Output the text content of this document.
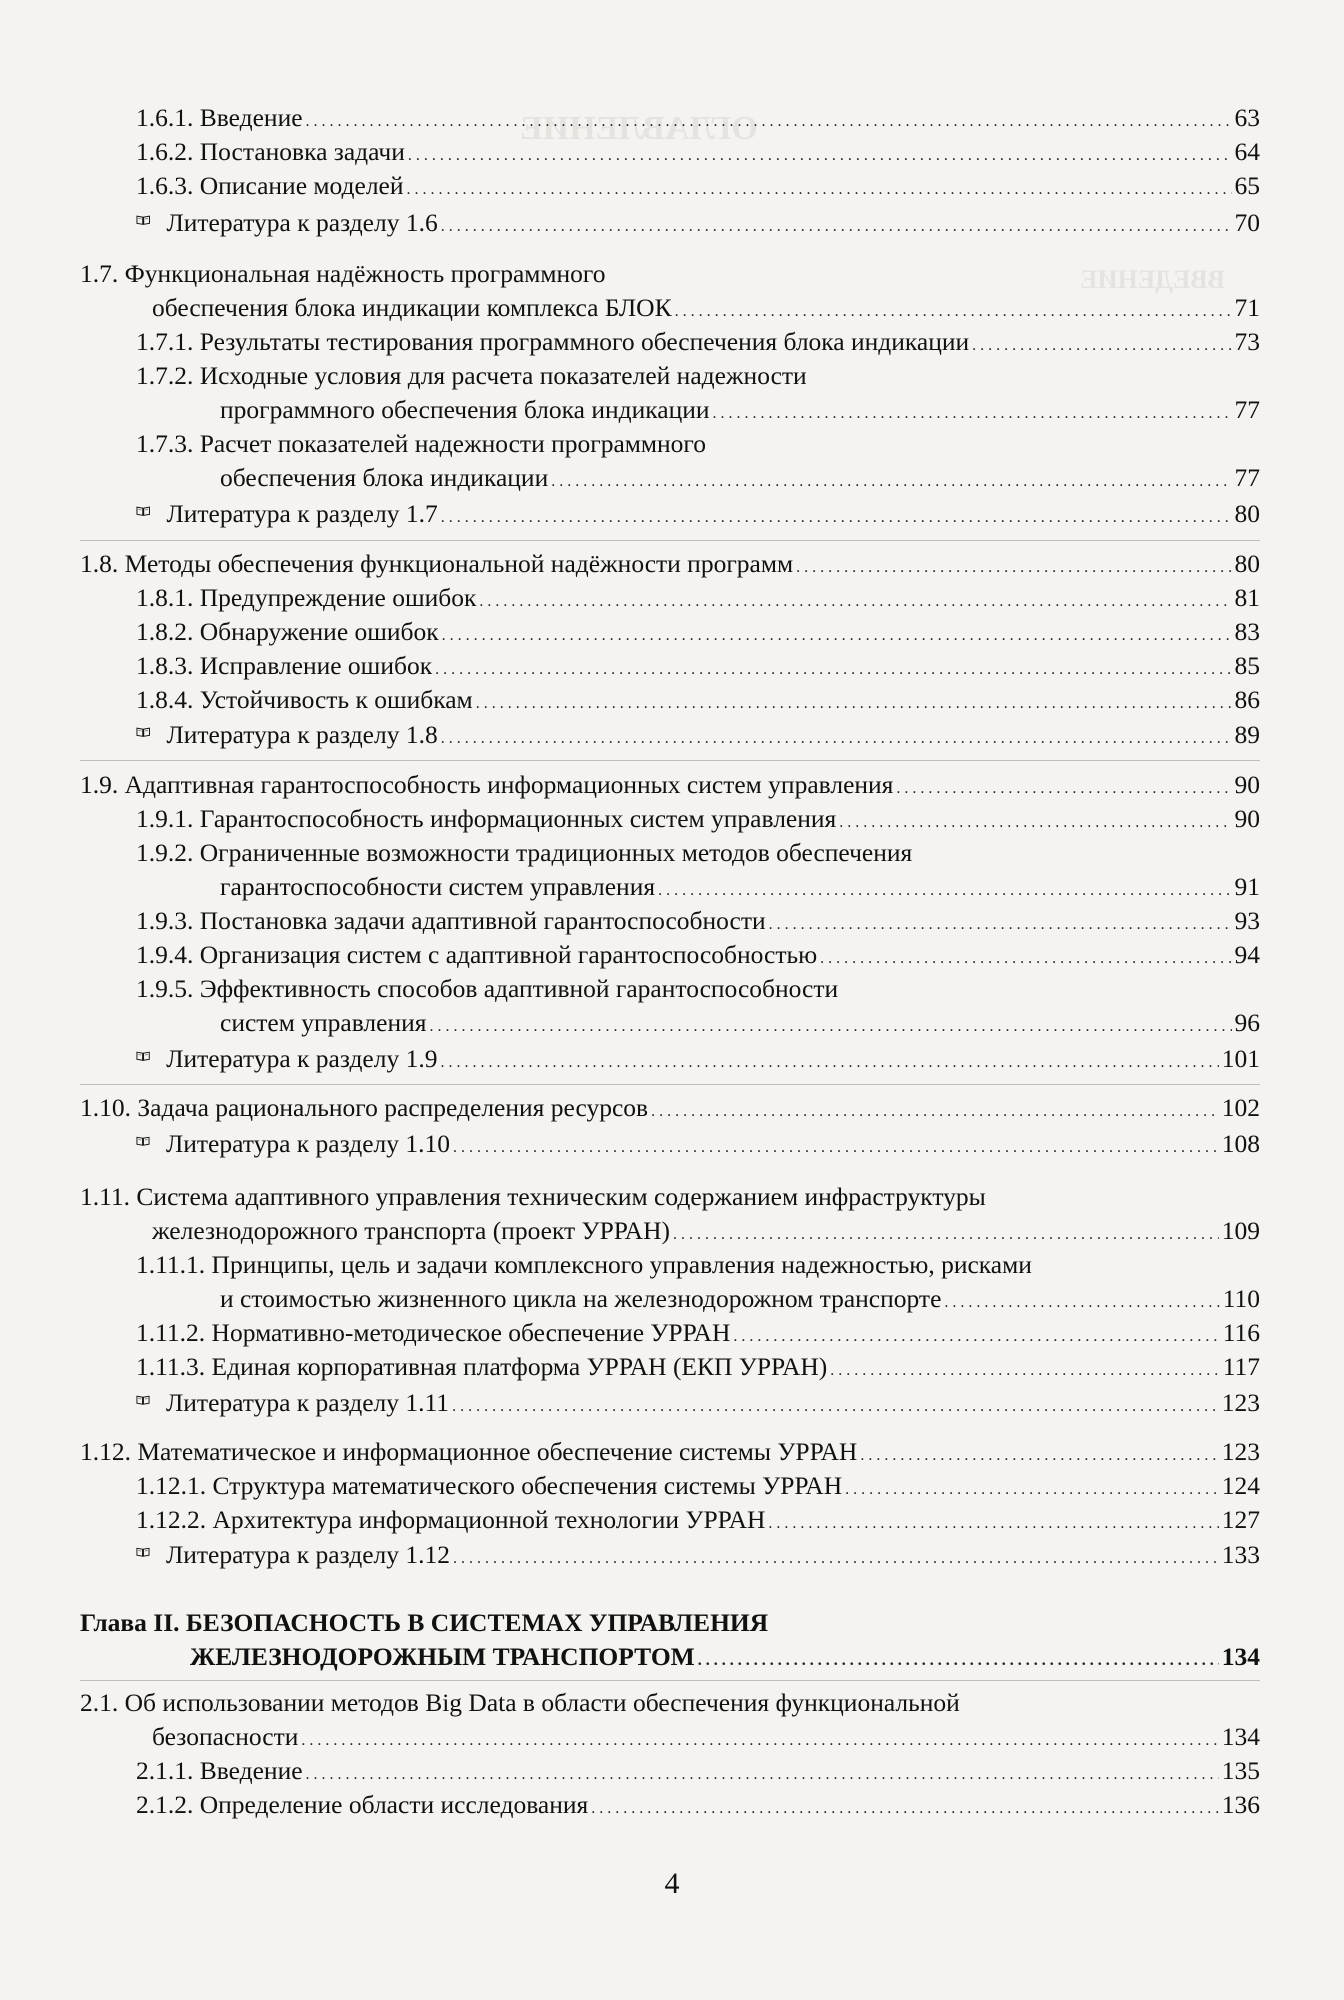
ОГЛАВЛЕНИЕ
ВВЕДЕНИЕ
1.6.1. Введение . . .	63
1.6.2. Постановка задачи . . .	64
1.6.3. Описание моделей . . .	65
Литература к разделу 1.6 . . .	70
1.7. Функциональная надёжность программного
обеспечения блока индикации комплекса БЛОК . . .	71
1.7.1. Результаты тестирования программного обеспечения блока индикации . . .	73
1.7.2. Исходные условия для расчета показателей надежности
программного обеспечения блока индикации . . .	77
1.7.3. Расчет показателей надежности программного
обеспечения блока индикации . . .	77
Литература к разделу 1.7 . . .	80
1.8. Методы обеспечения функциональной надёжности программ . . .	80
1.8.1. Предупреждение ошибок . . .	81
1.8.2. Обнаружение ошибок . . .	83
1.8.3. Исправление ошибок . . .	85
1.8.4. Устойчивость к ошибкам . . .	86
Литература к разделу 1.8 . . .	89
1.9. Адаптивная гарантоспособность информационных систем управления . . .	90
1.9.1. Гарантоспособность информационных систем управления . . .	90
1.9.2. Ограниченные возможности традиционных методов обеспечения
гарантоспособности систем управления . . .	91
1.9.3. Постановка задачи адаптивной гарантоспособности . . .	93
1.9.4. Организация систем с адаптивной гарантоспособностью . . .	94
1.9.5. Эффективность способов адаптивной гарантоспособности
систем управления . . .	96
Литература к разделу 1.9 . . .	101
1.10. Задача рационального распределения ресурсов . . .	102
Литература к разделу 1.10 . . .	108
1.11. Система адаптивного управления техническим содержанием инфраструктуры
железнодорожного транспорта (проект УРРАН) . . .	109
1.11.1. Принципы, цель и задачи комплексного управления надежностью, рисками
и стоимостью жизненного цикла на железнодорожном транспорте . . .	110
1.11.2. Нормативно-методическое обеспечение УРРАН . . .	116
1.11.3. Единая корпоративная платформа УРРАН (ЕКП УРРАН) . . .	117
Литература к разделу 1.11 . . .	123
1.12. Математическое и информационное обеспечение системы УРРАН . . .	123
1.12.1. Структура математического обеспечения системы УРРАН . . .	124
1.12.2. Архитектура информационной технологии УРРАН . . .	127
Литература к разделу 1.12 . . .	133
Глава II. БЕЗОПАСНОСТЬ В СИСТЕМАХ УПРАВЛЕНИЯ
ЖЕЛЕЗНОДОРОЖНЫМ ТРАНСПОРТОМ . . .	134
2.1. Об использовании методов Big Data в области обеспечения функциональной
безопасности . . .	134
2.1.1. Введение . . .	135
2.1.2. Определение области исследования . . .	136
4
